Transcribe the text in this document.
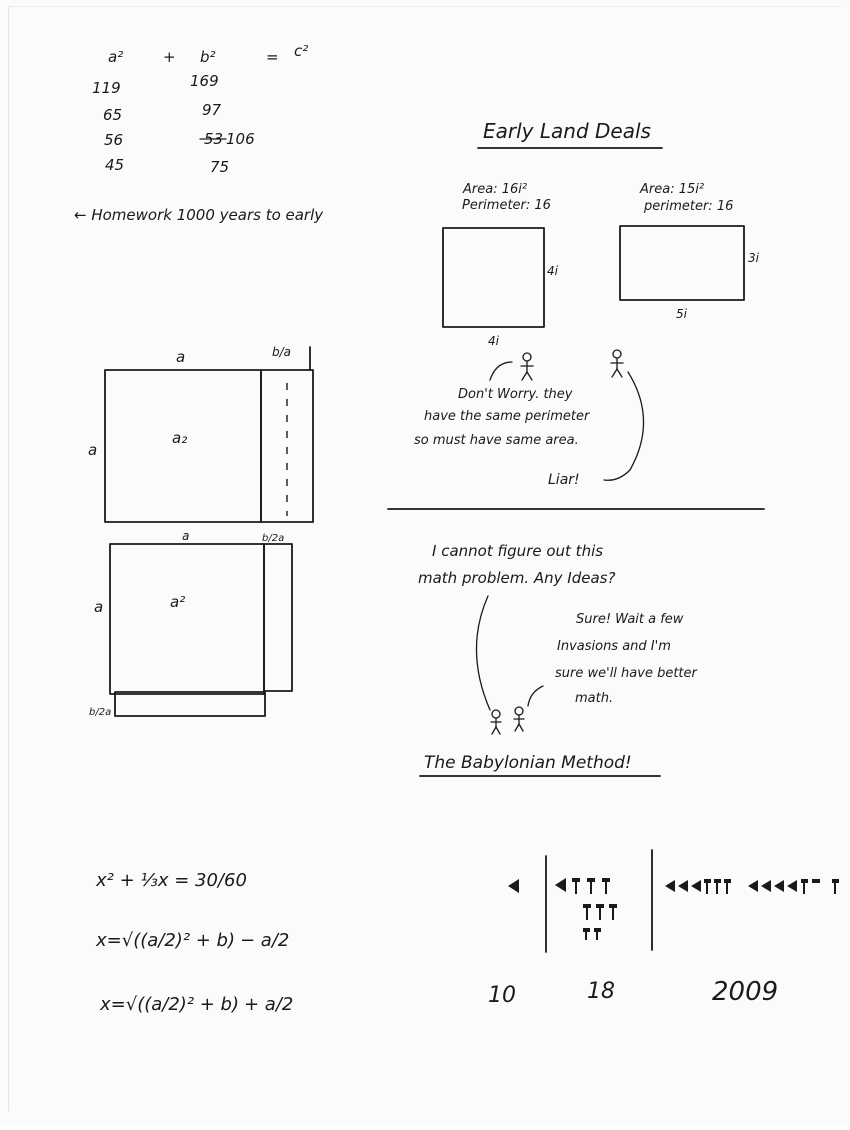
a²	+ b²	= c²
119	169
65	97
56	53 106
45	75
← Homework 1000 years to early
Early Land Deals
Area: 16i²
Perimeter: 16
Area: 15i²
perimeter: 16
4i
4i
3i
5i
Don't Worry. they
have the same perimeter
so must have same area.
Liar!
a
a
a₂
b/a
a
a	a²
b/2a
b/2a
I cannot figure out this
math problem. Any Ideas?
Sure! Wait a few
Invasions and I'm
sure we'll have better
math.
The Babylonian Method!
x² + ⅓x = 30/60
x=√((a/2)² + b) − a/2
x=√((a/2)² + b) + a/2	10	18	2009
